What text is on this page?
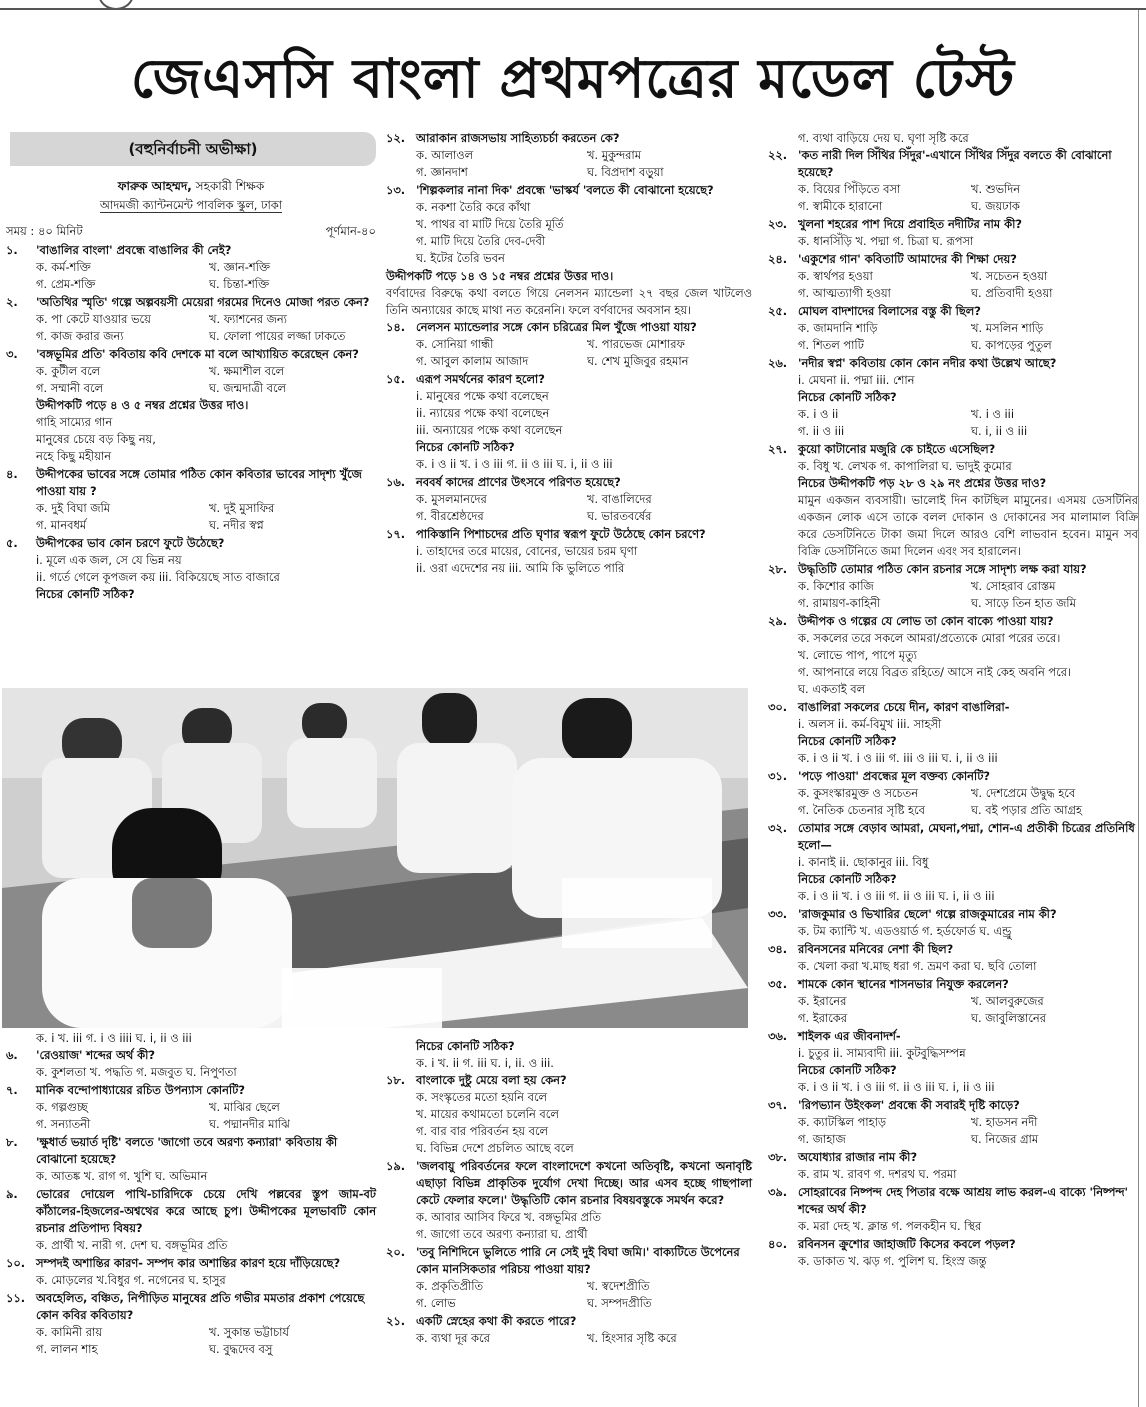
জেএসসি বাংলা প্রথমপত্রের মডেল টেস্ট
(বহুনির্বাচনী অভীক্ষা)
ফারুক আহম্মদ, সহকারী শিক্ষক
আদমজী ক্যান্টনমেন্ট পাবলিক স্কুল, ঢাকা
সময় : ৪০ মিনিট	পূর্ণমান-৪০
১.	'বাঙালির বাংলা' প্রবন্ধে বাঙালির কী নেই?
ক. কর্ম-শক্তি	খ. জ্ঞান-শক্তি
গ. প্রেম-শক্তি	ঘ. চিন্তা-শক্তি
২.	'অতিথির স্মৃতি' গল্পে অল্পবয়সী মেয়েরা গরমের দিনেও মোজা পরত কেন?
ক. পা কেটে যাওয়ার ভয়ে	খ. ফ্যাশনের জন্য
গ. কাজ করার জন্য	ঘ. ফোলা পায়ের লজ্জা ঢাকতে
৩.	'বঙ্গভূমির প্রতি' কবিতায় কবি দেশকে মা বলে আখ্যায়িত করেছেন কেন?
ক. কুটীল বলে	খ. ক্ষমাশীল বলে
গ. সম্মানী বলে	ঘ. জন্মদাত্রী বলে
উদ্দীপকটি পড়ে ৪ ও ৫ নম্বর প্রশ্নের উত্তর দাও।
গাহি সাম্যের গান
মানুষের চেয়ে বড় কিছু নয়,
নহে কিছু মহীয়ান
৪.	উদ্দীপকের ভাবের সঙ্গে তোমার পঠিত কোন কবিতার ভাবের সাদৃশ্য খুঁজে পাওয়া যায় ?
ক. দুই বিঘা জমি	খ. দুই মুসাফির
গ. মানবধর্ম	ঘ. নদীর স্বপ্ন
৫.	উদ্দীপকের ভাব কোন চরণে ফুটে উঠেছে?
i. মূলে এক জল, সে যে ভিন্ন নয়
ii. গর্তে গেলে কূপজল কয় iii. বিকিয়েছে সাত বাজারে
নিচের কোনটি সঠিক?
১২. আরাকান রাজসভায় সাহিত্যচর্চা করতেন কে?
ক. আলাওল	খ. মুকুন্দরাম
গ. জ্ঞানদাশ	ঘ. বিপ্রদাশ বড়ুয়া
১৩. 'শিল্পকলার নানা দিক' প্রবন্ধে 'ভাস্কর্য 'বলতে কী বোঝানো হয়েছে?
ক. নকশা তৈরি করে কাঁথা
খ. পাথর বা মাটি দিয়ে তৈরি মূর্তি
গ. মাটি দিয়ে তৈরি দেব-দেবী
ঘ. ইটের তৈরি ভবন
উদ্দীপকটি পড়ে ১৪ ও ১৫ নম্বর প্রশ্নের উত্তর দাও।
বর্ণবাদের বিরুদ্ধে কথা বলতে গিয়ে নেলসন ম্যান্ডেলা ২৭ বছর জেল খাটলেও তিনি অন্যায়ের কাছে মাথা নত করেননি। ফলে বর্ণবাদের অবসান হয়।
১৪. নেলসন ম্যান্ডেলার সঙ্গে কোন চরিত্রের মিল খুঁজে পাওয়া যায়?
ক. সোনিয়া গান্ধী	খ. পারভেজ মোশারফ
গ. আবুল কালাম আজাদ	ঘ. শেখ মুজিবুর রহমান
১৫. এরূপ সমর্থনের কারণ হলো?
i. মানুষের পক্ষে কথা বলেছেন
ii. ন্যায়ের পক্ষে কথা বলেছেন
iii. অন্যায়ের পক্ষে কথা বলেছেন
নিচের কোনটি সঠিক?
ক. i ও ii খ. i ও iii গ. ii ও iii ঘ. i, ii ও iii
১৬. নববর্ষ কাদের প্রাণের উৎসবে পরিণত হয়েছে?
ক. মুসলমানদের	খ. বাঙালিদের
গ. বীরশ্রেষ্ঠদের	ঘ. ভারতবর্ষের
১৭. পাকিস্তানি পিশাচদের প্রতি ঘৃণার স্বরূপ ফুটে উঠেছে কোন চরণে?
i. তাহাদের তরে মায়ের, বোনের, ভায়ের চরম ঘৃণা
ii. ওরা এদেশের নয় iii. আমি কি ভুলিতে পারি
ক. i খ. iii গ. i ও iiii ঘ. i, ii ও iii
৬.	'রেওয়াজ' শব্দের অর্থ কী?
ক. কুশলতা খ. পদ্ধতি গ. মজবুত ঘ. নিপুণতা
৭.	মানিক বন্দোপাধ্যায়ের রচিত উপন্যাস কোনটি?
ক. গল্পগুচ্ছ	খ. মাঝির ছেলে
গ. সন্যাতনী	ঘ. পদ্মানদীর মাঝি
৮.	'ক্ষুধার্ত ভয়ার্ত দৃষ্টি' বলতে 'জাগো তবে অরণ্য কন্যারা' কবিতায় কী বোঝানো হয়েছে?
ক. আতঙ্ক খ. রাগ গ. খুশি ঘ. অভিমান
৯.	ভোরের দোয়েল পাখি-চারিদিকে চেয়ে দেখি পল্লবের স্তুপ জাম-বট কাঁঠালের-হিজলের-অশ্বথের করে আছে চুপ। উদ্দীপকের মূলভাবটি কোন রচনার প্রতিপাদ্য বিষয়?
ক. প্রার্থী খ. নারী গ. দেশ ঘ. বঙ্গভূমির প্রতি
১০. সম্পদই অশান্তির কারণ- সম্পদ কার অশান্তির কারণ হয়ে দাঁড়িয়েছে?
ক. মোড়লের খ.বিধুর গ. নগেনের ঘ. হাসুর
১১. অবহেলিত, বঞ্চিত, নিপীড়িত মানুষের প্রতি গভীর মমতার প্রকাশ পেয়েছে কোন কবির কবিতায়?
ক. কামিনী রায়	খ. সুকান্ত ভট্টাচার্য
গ. লালন শাহ	ঘ. বুদ্ধদেব বসু
নিচের কোনটি সঠিক?
ক. i খ. ii গ. iii ঘ. i, ii. ও iii.
১৮. বাংলাকে দুষ্টু মেয়ে বলা হয় কেন?
ক. সংস্কৃতের মতো হয়নি বলে
খ. মায়ের কথামতো চলেনি বলে
গ. বার বার পরিবর্তন হয় বলে
ঘ. বিভিন্ন দেশে প্রচলিত আছে বলে
১৯. 'জলবায়ু পরিবর্তনের ফলে বাংলাদেশে কখনো অতিবৃষ্টি, কখনো অনাবৃষ্টি এছাড়া বিভিন্ন প্রাকৃতিক দুর্যোগ দেখা দিচ্ছে। আর এসব হচ্ছে গাছপালা কেটে ফেলার ফলে।' উদ্ধৃতিটি কোন রচনার বিষয়বস্তুকে সমর্থন করে?
ক. আবার আসিব ফিরে খ. বঙ্গভূমির প্রতি
গ. জাগো তবে অরণ্য কন্যারা ঘ. প্রার্থী
২০. 'তবু নিশিদিনে ভুলিতে পারি নে সেই দুই বিঘা জমি।' বাক্যটিতে উপেনের কোন মানসিকতার পরিচয় পাওয়া যায়?
ক. প্রকৃতিপ্রীতি	খ. স্বদেশপ্রীতি
গ. লোভ	ঘ. সম্পদপ্রীতি
২১. একটি স্নেহের কথা কী করতে পারে?
ক. ব্যথা দূর করে	খ. হিংসার সৃষ্টি করে
গ. ব্যথা বাড়িয়ে দেয় ঘ. ঘৃণা সৃষ্টি করে
২২. 'কত নারী দিল সিঁথির সিঁদুর'-এখানে সিঁথির সিঁদুর বলতে কী বোঝানো হয়েছে?
ক. বিয়ের পিঁড়িতে বসা	খ. শুভদিন
গ. স্বামীকে হারানো	ঘ. জয়ঢাক
২৩. খুলনা শহরের পাশ দিয়ে প্রবাহিত নদীটির নাম কী?
ক. ধানসিঁড়ি খ. পদ্মা গ. চিত্রা ঘ. রূপসা
২৪. 'একুশের গান' কবিতাটি আমাদের কী শিক্ষা দেয়?
ক. স্বার্থপর হওয়া	খ. সচেতন হওয়া
গ. আত্মত্যাগী হওয়া	ঘ. প্রতিবাদী হওয়া
২৫. মোঘল বাদশাদের বিলাসের বস্তু কী ছিল?
ক. জামদানি শাড়ি	খ. মসলিন শাড়ি
গ. শিতল পাটি	ঘ. কাপড়ের পুতুল
২৬. 'নদীর স্বপ্ন' কবিতায় কোন কোন নদীর কথা উল্লেখ আছে?
i. মেঘনা ii. পদ্মা iii. শোন
নিচের কোনটি সঠিক?
ক. i ও ii	খ. i ও iii
গ. ii ও iii	ঘ. i, ii ও iii
২৭. কুয়ো কাটানোর মজুরি কে চাইতে এসেছিল?
ক. বিধু খ. লেখক গ. কাপালিরা ঘ. ভাদুই কুমোর
নিচের উদ্দীপকটি পড় ২৮ ও ২৯ নং প্রশ্নের উত্তর দাও?
মামুন একজন ব্যবসায়ী। ভালোই দিন কাটছিল মামুনের। এসময় ডেসটিনির একজন লোক এসে তাকে বলল দোকান ও দোকানের সব মালামাল বিক্রি করে ডেসটিনিতে টাকা জমা দিলে আরও বেশি লাভবান হবেন। মামুন সব বিক্রি ডেসটিনিতে জমা দিলেন এবং সব হারালেন।
২৮. উদ্ধৃতিটি তোমার পঠিত কোন রচনার সঙ্গে সাদৃশ্য লক্ষ করা যায়?
ক. কিশোর কাজি	খ. সোহরাব রোস্তম
গ. রামায়ণ-কাহিনী	ঘ. সাড়ে তিন হাত জমি
২৯. উদ্দীপক ও গল্পের যে লোভ তা কোন বাক্যে পাওয়া যায়?
ক. সকলের তরে সকলে আমরা/প্রত্যেকে মোরা পরের তরে।
খ. লোভে পাপ, পাপে মৃত্যু
গ. আপনারে লয়ে বিব্রত রহিতে/ আসে নাই কেহ অবনি পরে।
ঘ. একতাই বল
৩০. বাঙালিরা সকলের চেয়ে দীন, কারণ বাঙালিরা-
i. অলস ii. কর্ম-বিমুখ iii. সাহসী
নিচের কোনটি সঠিক?
ক. i ও ii খ. i ও iii গ. iii ও iii ঘ. i, ii ও iii
৩১. 'পড়ে পাওয়া' প্রবন্ধের মূল বক্তব্য কোনটি?
ক. কুসংস্কারমুক্ত ও সচেতন	খ. দেশপ্রেমে উদ্বুদ্ধ হবে
গ. নৈতিক চেতনার সৃষ্টি হবে	ঘ. বই পড়ার প্রতি আগ্রহ
৩২. তোমার সঙ্গে বেড়াব আমরা, মেঘনা,পদ্মা, শোন-এ প্রতীকী চিত্রের প্রতিনিধি হলো—
i. কানাই ii. ছোকানুর iii. বিধু
নিচের কোনটি সঠিক?
ক. i ও ii খ. i ও iii গ. ii ও iii ঘ. i, ii ও iii
৩৩. 'রাজকুমার ও ভিখারির ছেলে' গল্পে রাজকুমারের নাম কী?
ক. টম ক্যান্টি খ. এডওয়ার্ড গ. হর্ডফোর্ড ঘ. এন্ড্রু
৩৪. রবিনসনের মনিবের নেশা কী ছিল?
ক. খেলা করা খ.মাছ ধরা গ. ভ্রমণ করা ঘ. ছবি তোলা
৩৫. শামকে কোন স্থানের শাসনভার নিযুক্ত করলেন?
ক. ইরানের	খ. আলবুরুজের
গ. ইরাকের	ঘ. জাবুলিস্তানের
৩৬. শাইলক এর জীবনাদর্শ-
i. চুতুর ii. সাম্যবাদী iii. কুটবুদ্ধিসম্পন্ন
নিচের কোনটি সঠিক?
ক. i ও ii খ. i ও iii গ. ii ও iii ঘ. i, ii ও iii
৩৭. 'রিপভ্যান উইংকল' প্রবন্ধে কী সবারই দৃষ্টি কাড়ে?
ক. ক্যাটস্কিল পাহাড়	খ. হাডসন নদী
গ. জাহাজ	ঘ. নিজের গ্রাম
৩৮. অযোধ্যার রাজার নাম কী?
ক. রাম খ. রাবণ গ. দশরথ ঘ. পরমা
৩৯. সোহরাবের নিষ্পন্দ দেহ পিতার বক্ষে আশ্রয় লাভ করল-এ বাক্যে 'নিষ্পন্দ' শব্দের অর্থ কী?
ক. মরা দেহ খ. ক্লান্ত গ. পলকহীন ঘ. স্থির
৪০. রবিনসন ক্রুশোর জাহাজটি কিসের কবলে পড়ল?
ক. ডাকাত খ. ঝড় গ. পুলিশ ঘ. হিংস্র জন্তু
